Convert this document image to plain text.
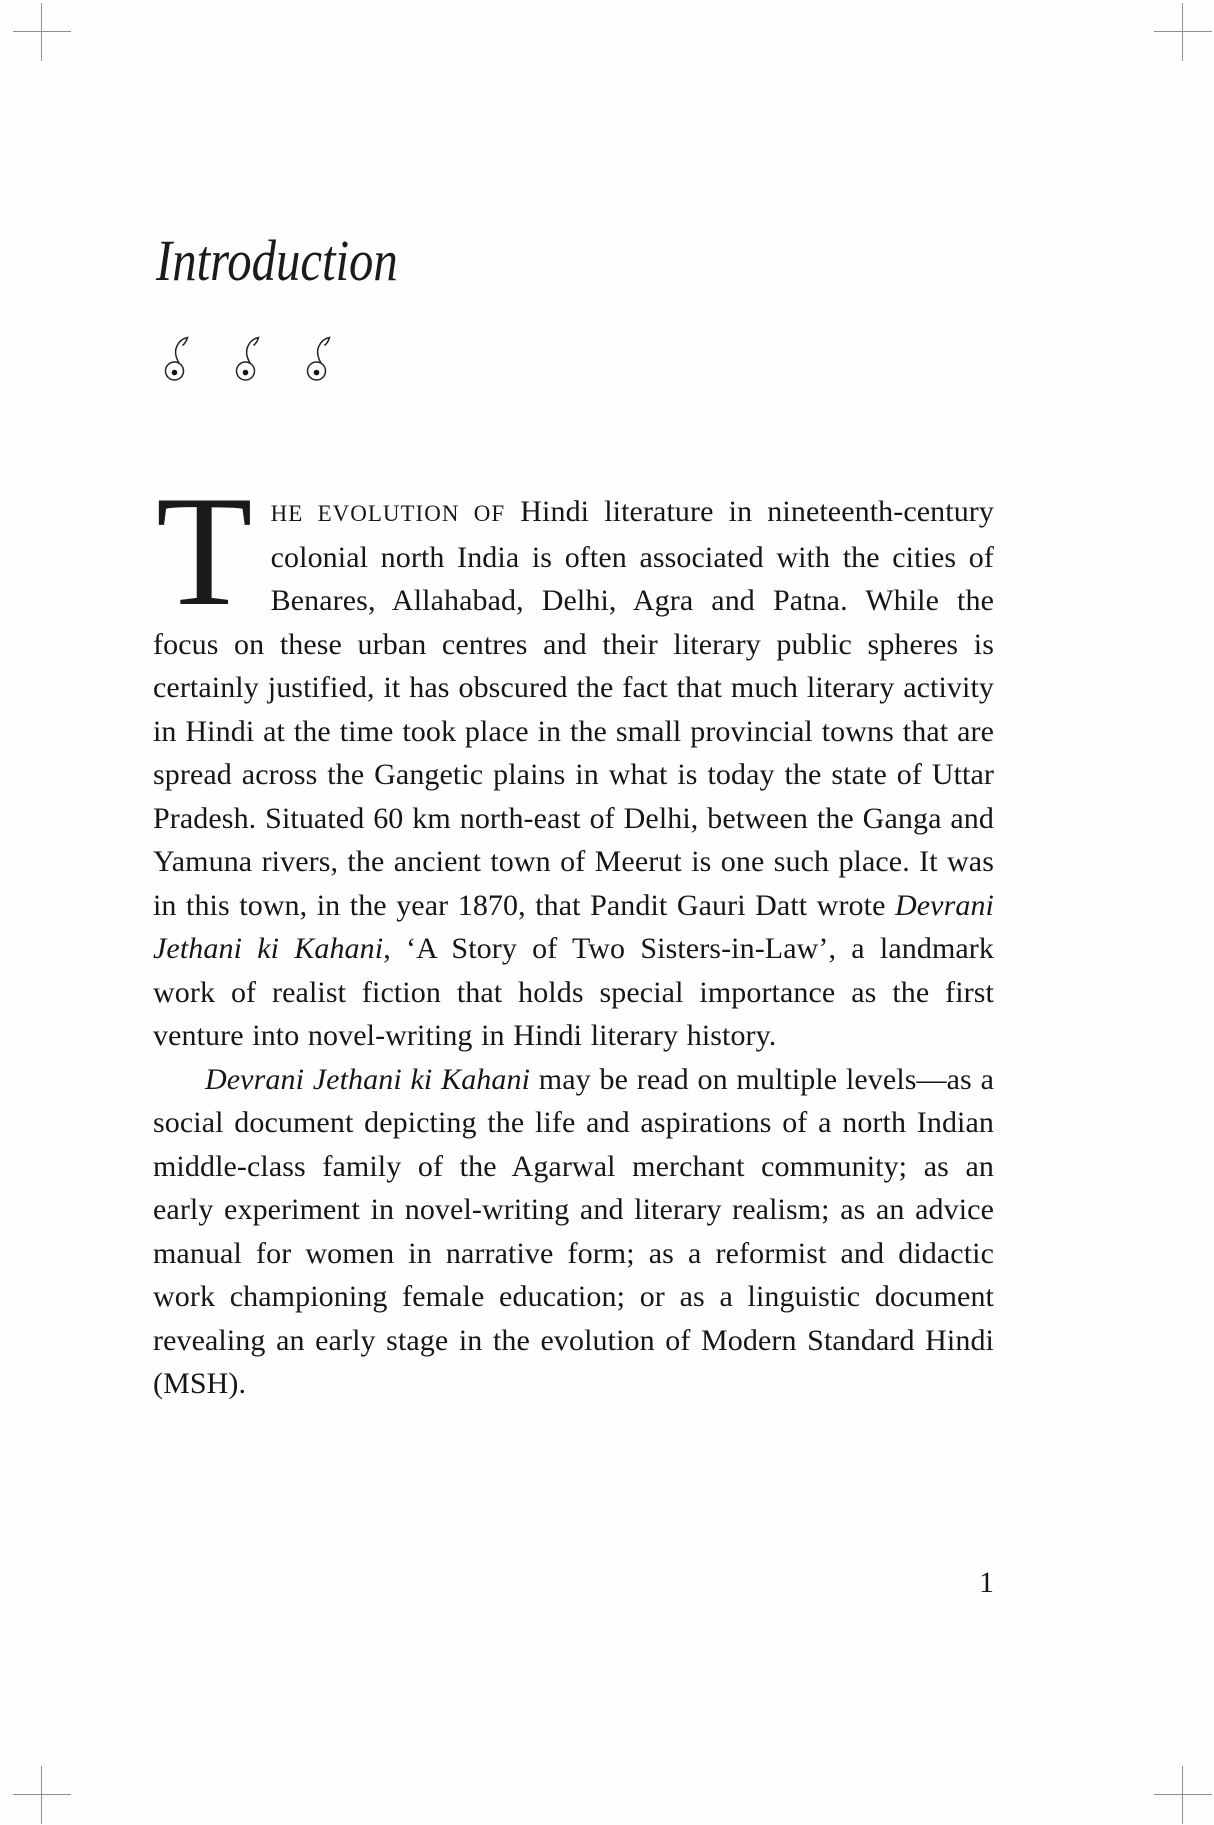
Introduction

THE EVOLUTION OF Hindi literature in nineteenth-century colonial north India is often associated with the cities of Benares, Allahabad, Delhi, Agra and Patna. While the focus on these urban centres and their literary public spheres is certainly justified, it has obscured the fact that much literary activity in Hindi at the time took place in the small provincial towns that are spread across the Gangetic plains in what is today the state of Uttar Pradesh. Situated 60 km north-east of Delhi, between the Ganga and Yamuna rivers, the ancient town of Meerut is one such place. It was in this town, in the year 1870, that Pandit Gauri Datt wrote Devrani Jethani ki Kahani, ‘A Story of Two Sisters-in-Law’, a landmark work of realist fiction that holds special importance as the first venture into novel-writing in Hindi literary history.

Devrani Jethani ki Kahani may be read on multiple levels—as a social document depicting the life and aspirations of a north Indian middle-class family of the Agarwal merchant community; as an early experiment in novel-writing and literary realism; as an advice manual for women in narrative form; as a reformist and didactic work championing female education; or as a linguistic document revealing an early stage in the evolution of Modern Standard Hindi (MSH).

1
